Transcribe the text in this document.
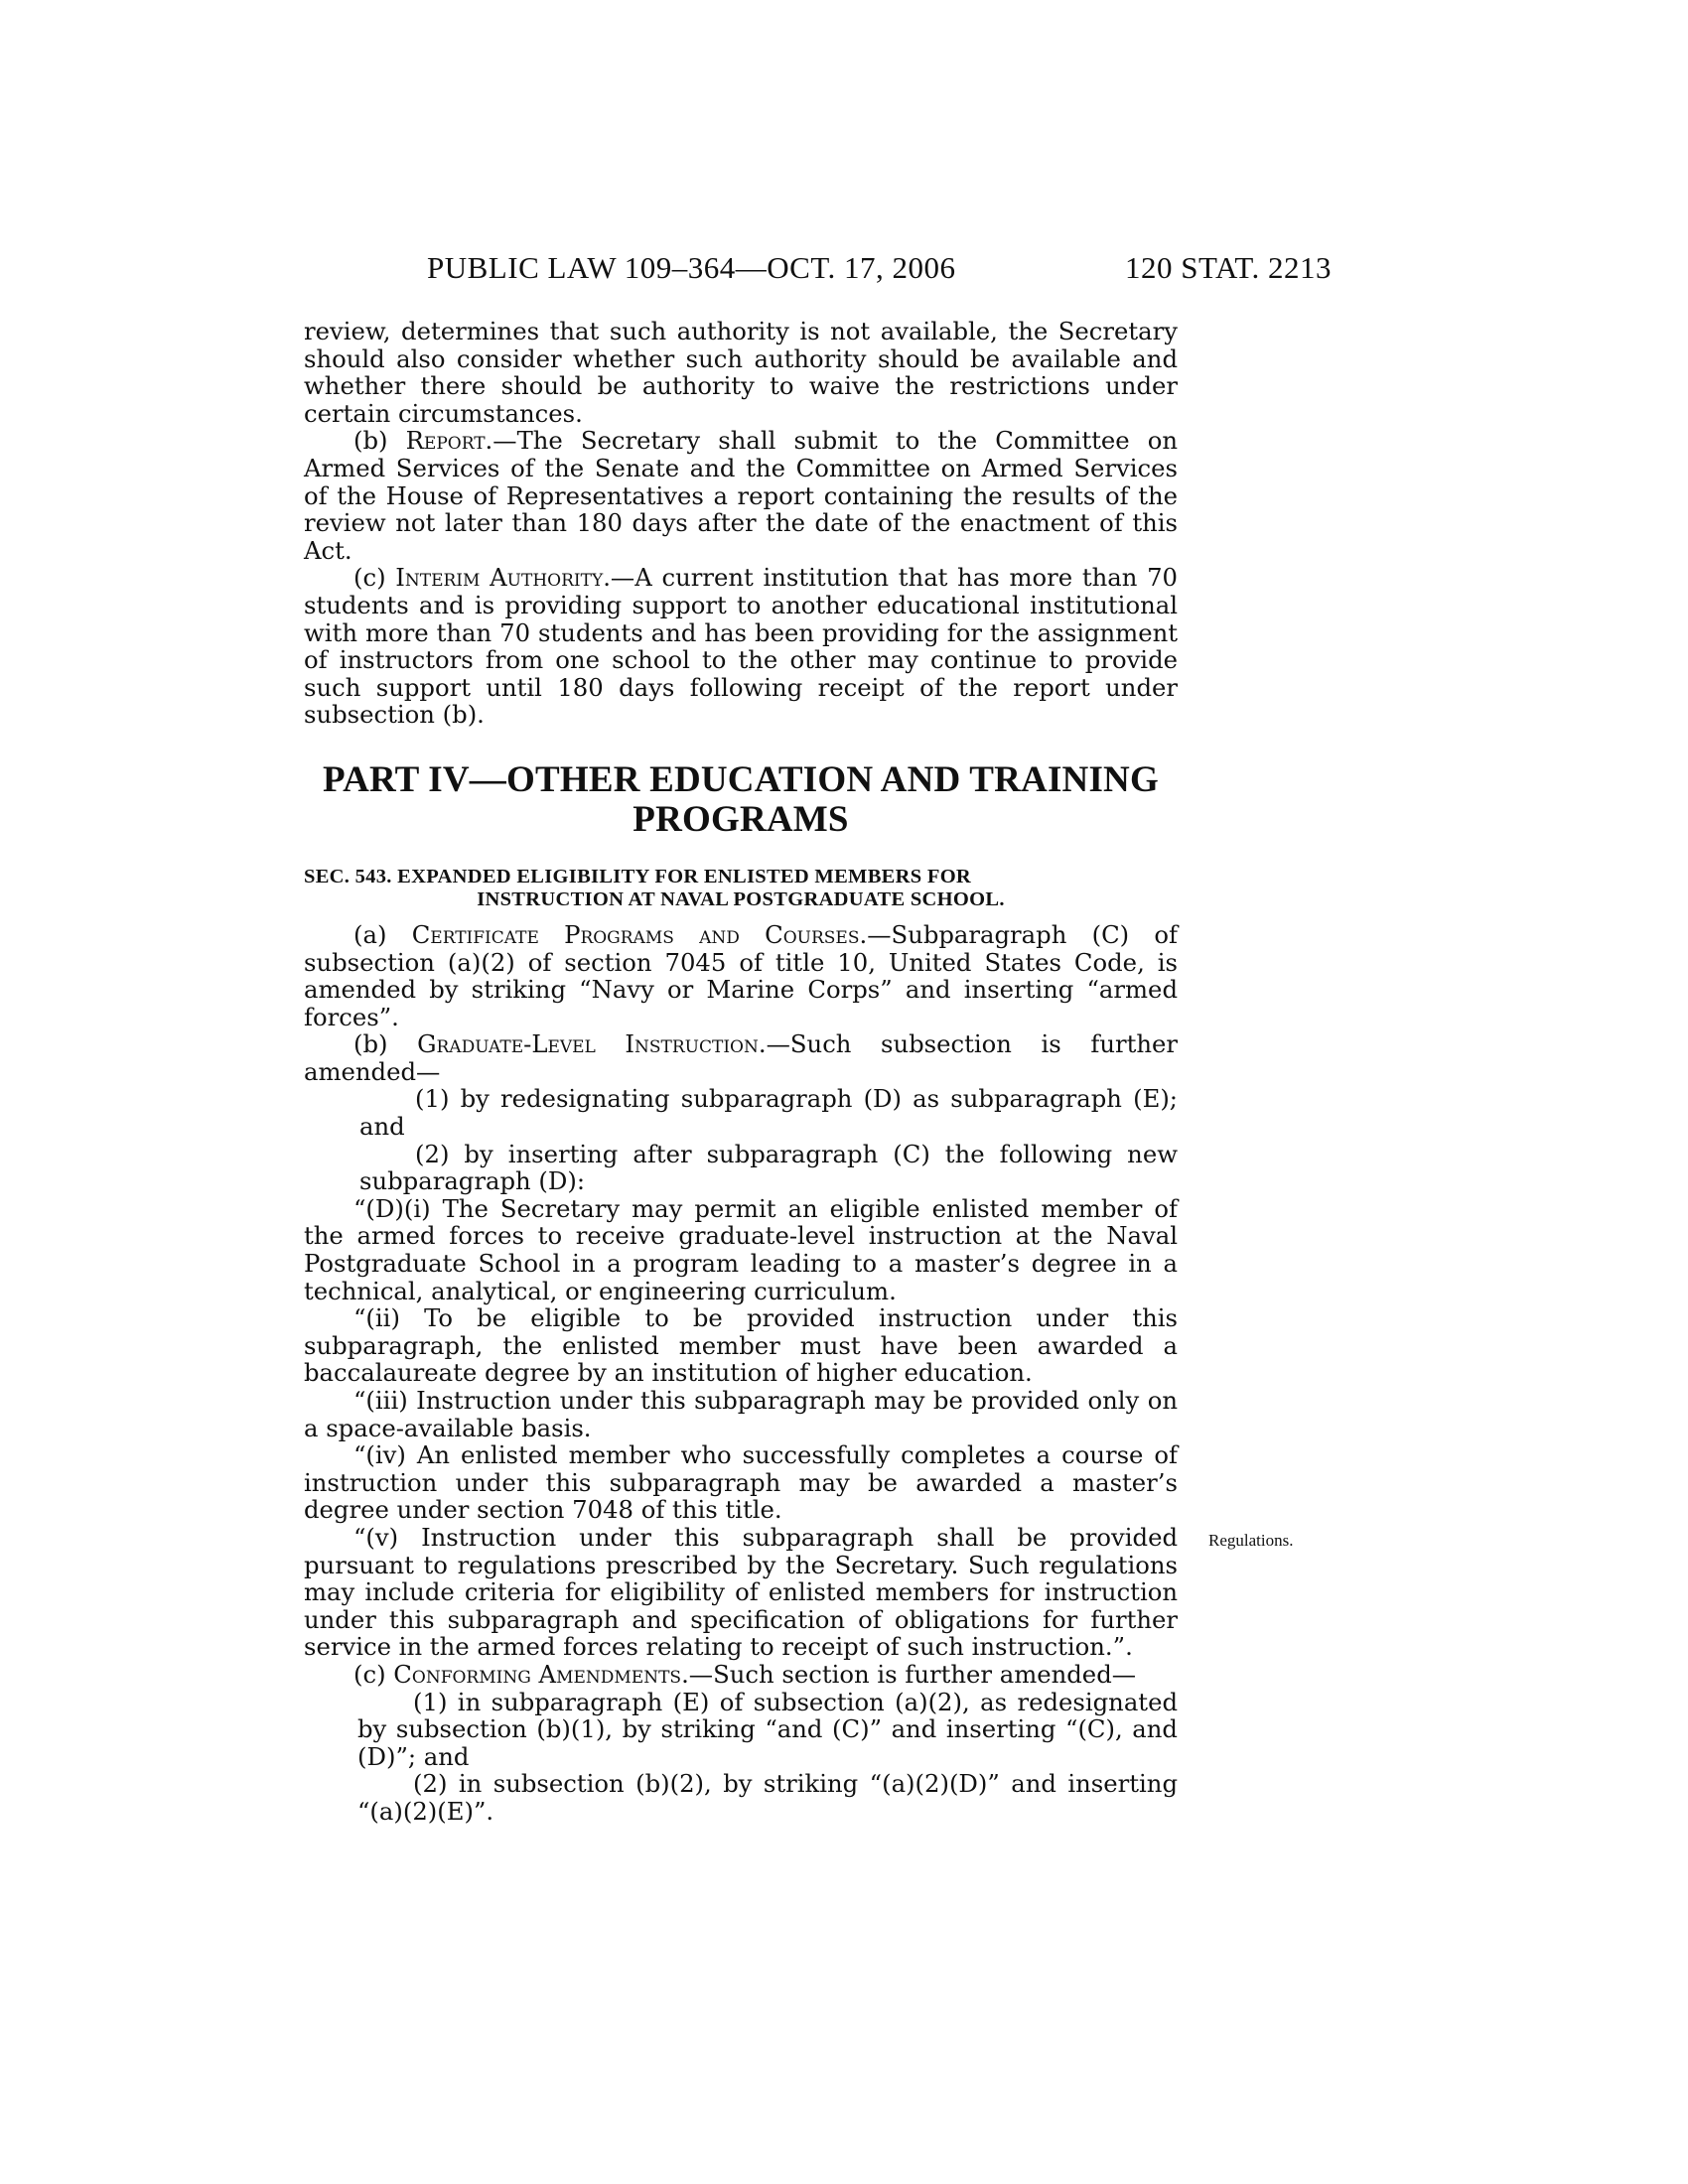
PUBLIC LAW 109–364—OCT. 17, 2006	120 STAT. 2213

review, determines that such authority is not available, the Secretary should also consider whether such authority should be available and whether there should be authority to waive the restrictions under certain circumstances.

(b) Report.—The Secretary shall submit to the Committee on Armed Services of the Senate and the Committee on Armed Services of the House of Representatives a report containing the results of the review not later than 180 days after the date of the enactment of this Act.

(c) Interim Authority.—A current institution that has more than 70 students and is providing support to another educational institutional with more than 70 students and has been providing for the assignment of instructors from one school to the other may continue to provide such support until 180 days following receipt of the report under subsection (b).

PART IV—OTHER EDUCATION AND TRAINING
PROGRAMS
SEC. 543. EXPANDED ELIGIBILITY FOR ENLISTED MEMBERS FOR
INSTRUCTION AT NAVAL POSTGRADUATE SCHOOL.

(a) Certificate Programs and Courses.—Subparagraph (C) of subsection (a)(2) of section 7045 of title 10, United States Code, is amended by striking “Navy or Marine Corps” and inserting “armed forces”.

(b) Graduate-Level Instruction.—Such subsection is further amended—

(1) by redesignating subparagraph (D) as subparagraph (E); and

(2) by inserting after subparagraph (C) the following new subparagraph (D):

“(D)(i) The Secretary may permit an eligible enlisted member of the armed forces to receive graduate-level instruction at the Naval Postgraduate School in a program leading to a master’s degree in a technical, analytical, or engineering curriculum.

“(ii) To be eligible to be provided instruction under this subparagraph, the enlisted member must have been awarded a baccalaureate degree by an institution of higher education.

“(iii) Instruction under this subparagraph may be provided only on a space-available basis.

“(iv) An enlisted member who successfully completes a course of instruction under this subparagraph may be awarded a master’s degree under section 7048 of this title.

“(v) Instruction under this subparagraph shall be provided pursuant to regulations prescribed by the Secretary. Such regulations may include criteria for eligibility of enlisted members for instruction under this subparagraph and specification of obligations for further service in the armed forces relating to receipt of such instruction.”.

(c) Conforming Amendments.—Such section is further amended—

(1) in subparagraph (E) of subsection (a)(2), as redesignated by subsection (b)(1), by striking “and (C)” and inserting “(C), and (D)”; and

(2) in subsection (b)(2), by striking “(a)(2)(D)” and inserting “(a)(2)(E)”.

Regulations.
